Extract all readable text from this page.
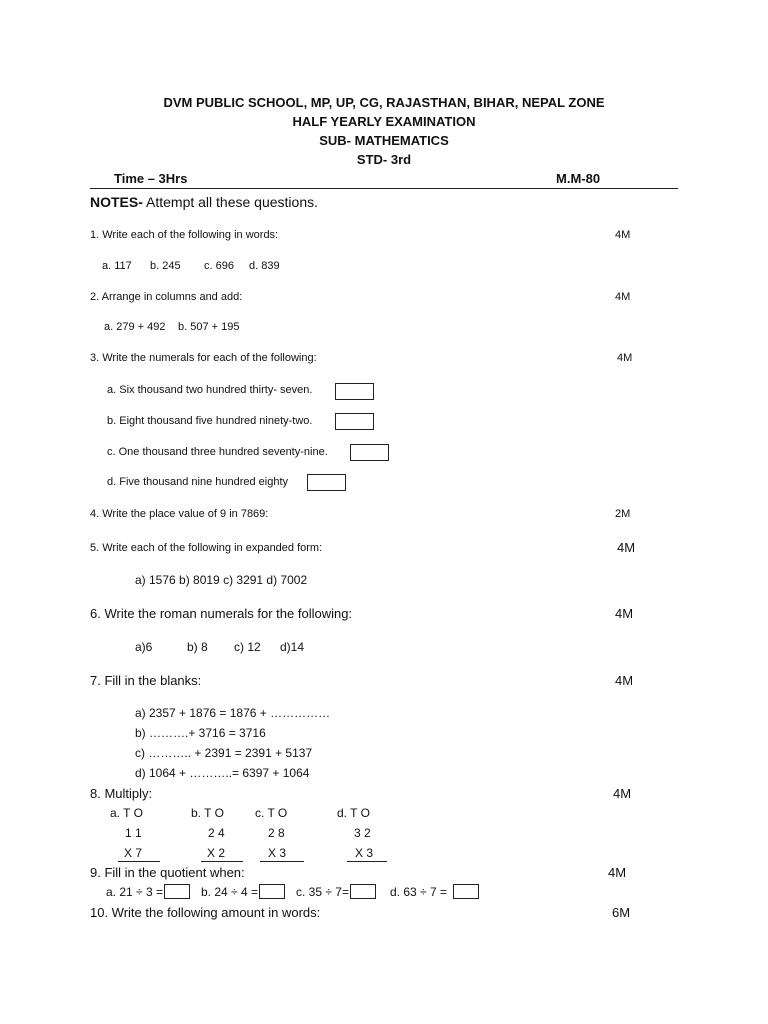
DVM PUBLIC SCHOOL, MP, UP, CG, RAJASTHAN, BIHAR, NEPAL ZONE
HALF YEARLY EXAMINATION
SUB- MATHEMATICS
STD- 3rd
Time – 3Hrs	M.M-80
NOTES- Attempt all these questions.
1. Write each of the following in words:	4M
a. 117 b. 245 c. 696 d. 839
2. Arrange in columns and add:	4M
a. 279 + 492 b. 507 + 195
3. Write the numerals for each of the following:	4M
a. Six thousand two hundred thirty- seven.
b. Eight thousand five hundred ninety-two.
c. One thousand three hundred seventy-nine.
d. Five thousand nine hundred eighty
4. Write the place value of 9 in 7869:	2M
5. Write each of the following in expanded form:	4M
a) 1576 b) 8019 c) 3291 d) 7002
6. Write the roman numerals for the following:	4M
a)6	b) 8 c) 12 d)14
7. Fill in the blanks:	4M
a) 2357 + 1876 = 1876 + ……………
b) ……….+ 3716 = 3716
c) ……….. + 2391 = 2391 + 5137
d) 1064 + ………..= 6397 + 1064
8. Multiply:	4M
a. T O
1 1
X 7
b. T O
2 4
X 2
c. T O
2 8
X 3
d. T O
3 2
X 3
9. Fill in the quotient when:	4M
a. 21 ÷ 3 =	b. 24 ÷ 4 =	c. 35 ÷ 7=	d. 63 ÷ 7 =
10. Write the following amount in words:	6M
